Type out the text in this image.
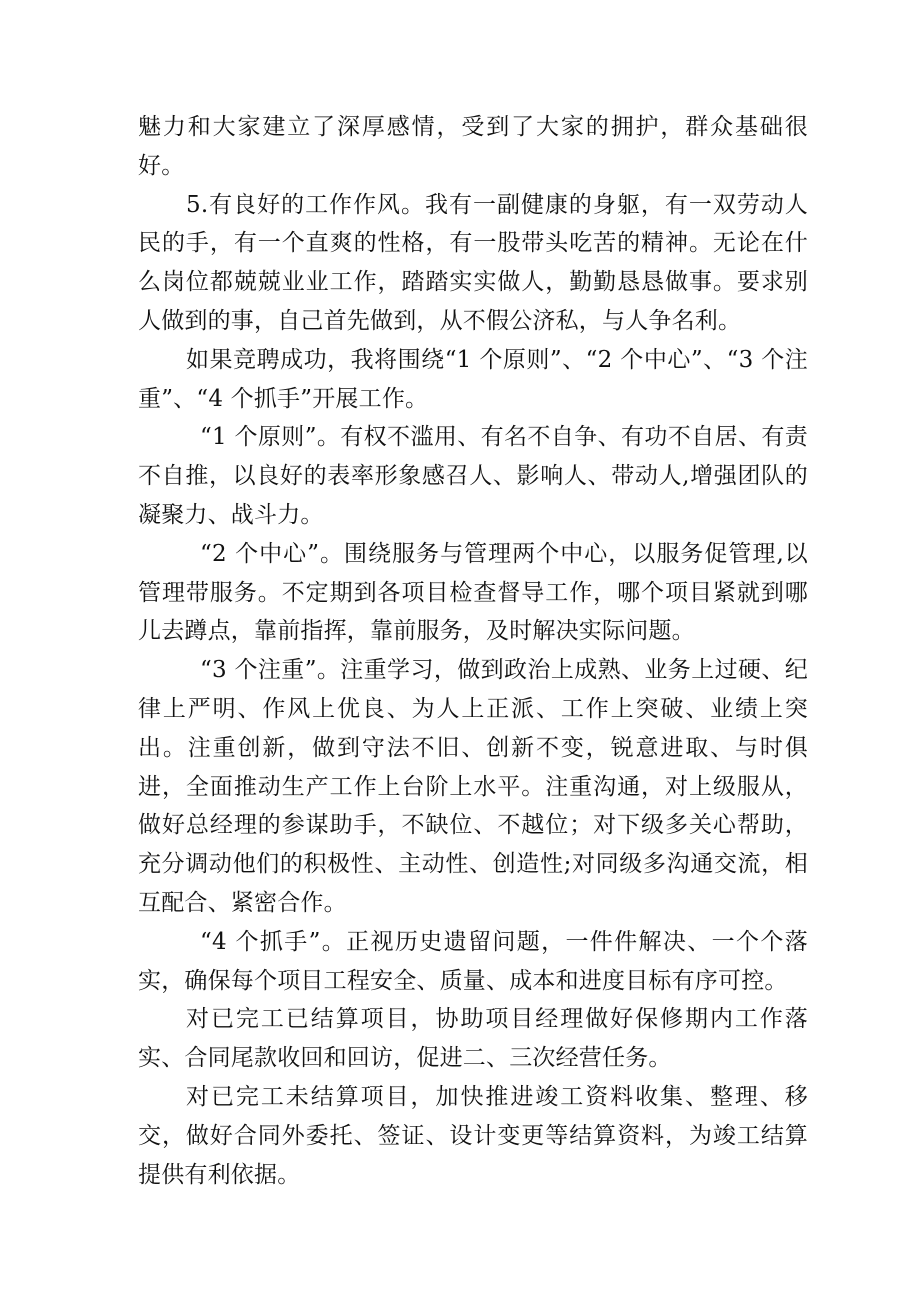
魅力和大家建立了深厚感情，受到了大家的拥护，群众基础很好。

5.有良好的工作作风。我有一副健康的身躯，有一双劳动人民的手，有一个直爽的性格，有一股带头吃苦的精神。无论在什么岗位都兢兢业业工作，踏踏实实做人，勤勤恳恳做事。要求别人做到的事，自己首先做到，从不假公济私，与人争名利。

如果竞聘成功，我将围绕“1 个原则”、“2 个中心”、“3 个注重”、“4 个抓手”开展工作。

“1 个原则”。有权不滥用、有名不自争、有功不自居、有责不自推，以良好的表率形象感召人、影响人、带动人,增强团队的凝聚力、战斗力。

“2 个中心”。围绕服务与管理两个中心，以服务促管理,以管理带服务。不定期到各项目检查督导工作，哪个项目紧就到哪儿去蹲点，靠前指挥，靠前服务，及时解决实际问题。

“3 个注重”。注重学习，做到政治上成熟、业务上过硬、纪律上严明、作风上优良、为人上正派、工作上突破、业绩上突出。注重创新，做到守法不旧、创新不变，锐意进取、与时俱进，全面推动生产工作上台阶上水平。注重沟通，对上级服从，做好总经理的参谋助手，不缺位、不越位；对下级多关心帮助，充分调动他们的积极性、主动性、创造性;对同级多沟通交流，相互配合、紧密合作。

“4 个抓手”。正视历史遗留问题，一件件解决、一个个落实，确保每个项目工程安全、质量、成本和进度目标有序可控。

对已完工已结算项目，协助项目经理做好保修期内工作落实、合同尾款收回和回访，促进二、三次经营任务。

对已完工未结算项目，加快推进竣工资料收集、整理、移交，做好合同外委托、签证、设计变更等结算资料，为竣工结算提供有利依据。
